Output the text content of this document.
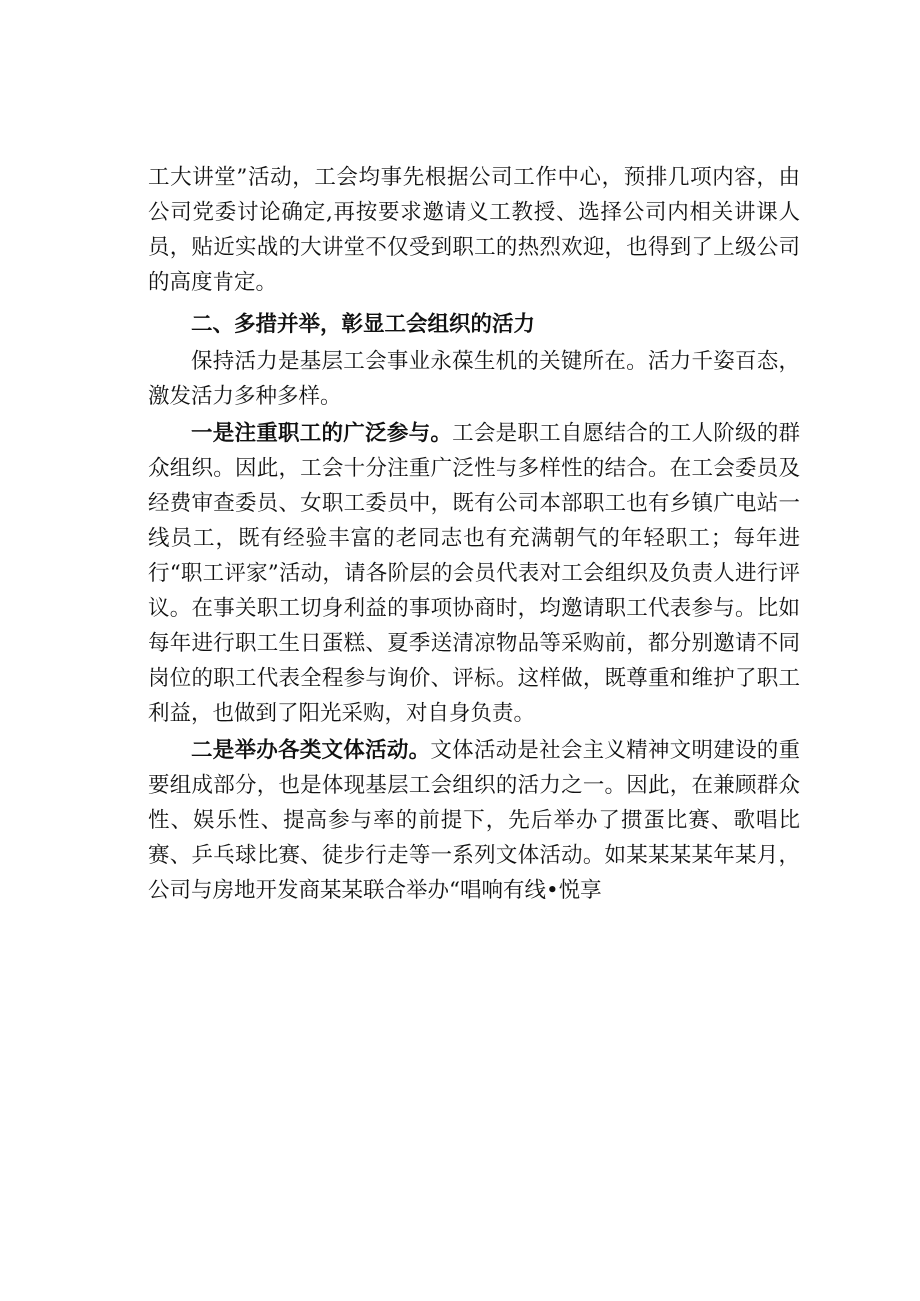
工大讲堂”活动，工会均事先根据公司工作中心，预排几项内容，由公司党委讨论确定,再按要求邀请义工教授、选择公司内相关讲课人员，贴近实战的大讲堂不仅受到职工的热烈欢迎，也得到了上级公司的高度肯定。

二、多措并举，彰显工会组织的活力

保持活力是基层工会事业永葆生机的关键所在。活力千姿百态，激发活力多种多样。

一是注重职工的广泛参与。工会是职工自愿结合的工人阶级的群众组织。因此，工会十分注重广泛性与多样性的结合。在工会委员及经费审查委员、女职工委员中，既有公司本部职工也有乡镇广电站一线员工，既有经验丰富的老同志也有充满朝气的年轻职工；每年进行“职工评家”活动，请各阶层的会员代表对工会组织及负责人进行评议。在事关职工切身利益的事项协商时，均邀请职工代表参与。比如每年进行职工生日蛋糕、夏季送清凉物品等采购前，都分别邀请不同岗位的职工代表全程参与询价、评标。这样做，既尊重和维护了职工利益，也做到了阳光采购，对自身负责。

二是举办各类文体活动。文体活动是社会主义精神文明建设的重要组成部分，也是体现基层工会组织的活力之一。因此，在兼顾群众性、娱乐性、提高参与率的前提下，先后举办了掼蛋比赛、歌唱比赛、乒乓球比赛、徒步行走等一系列文体活动。如某某某某年某月，公司与房地开发商某某联合举办“唱响有线•悦享
